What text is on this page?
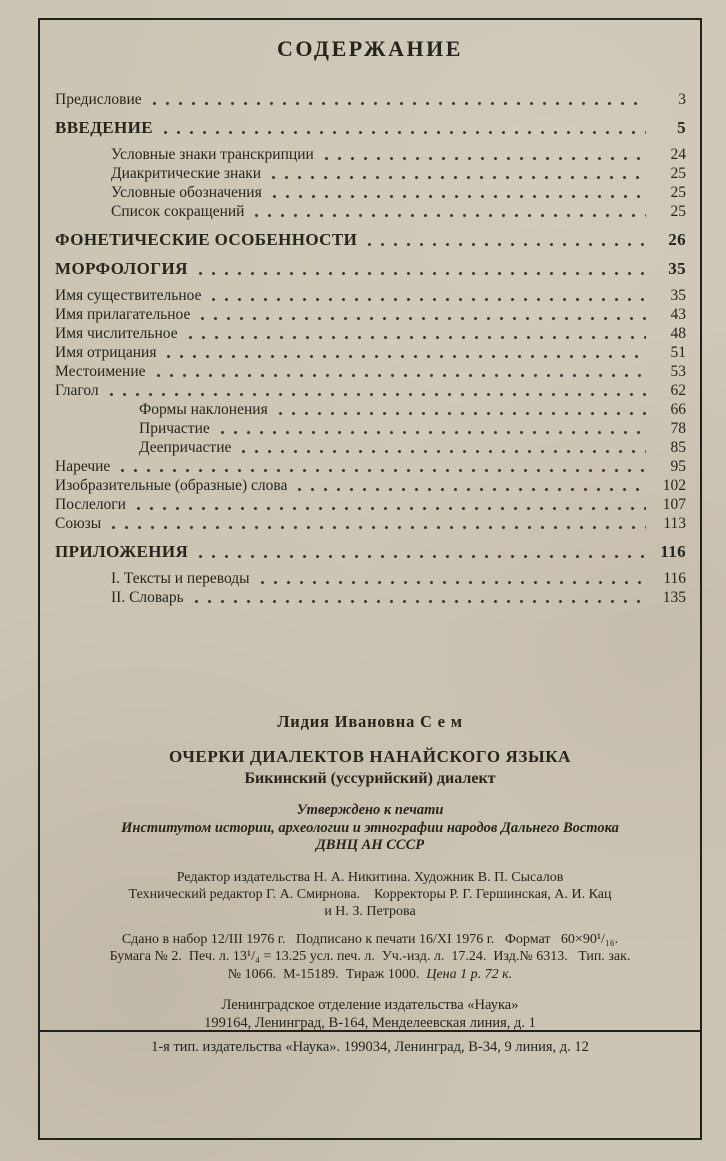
СОДЕРЖАНИЕ
Предисловие	3
ВВЕДЕНИЕ	5
Условные знаки транскрипции	24
Диакритические знаки	25
Условные обозначения	25
Список сокращений	25
ФОНЕТИЧЕСКИЕ ОСОБЕННОСТИ	26
МОРФОЛОГИЯ	35
Имя существительное	35
Имя прилагательное	43
Имя числительное	48
Имя отрицания	51
Местоимение	53
Глагол	62
Формы наклонения	66
Причастие	78
Деепричастие	85
Наречие	95
Изобразительные (образные) слова	102
Послелоги	107
Союзы	113
ПРИЛОЖЕНИЯ	116
I. Тексты и переводы	116
II. Словарь	135
Лидия Ивановна С е м
ОЧЕРКИ ДИАЛЕКТОВ НАНАЙСКОГО ЯЗЫКА
Бикинский (уссурийский) диалект
Утверждено к печати
Институтом истории, археологии и этнографии народов Дальнего Востока
ДВНЦ АН СССР
Редактор издательства Н. А. Никитина. Художник В. П. Сысалов
Технический редактор Г. А. Смирнова. Корректоры Р. Г. Гершинская, А. И. Кац
и Н. З. Петрова
Сдано в набор 12/III 1976 г.  Подписано к печати 16/XI 1976 г.  Формат  60×90¹/₁₆.
Бумага № 2. Печ. л. 13¹/₄ = 13.25 усл. печ. л. Уч.-изд. л. 17.24. Изд.№ 6313.  Тип. зак.
№ 1066. М-15189. Тираж 1000. Цена 1 р. 72 к.
Ленинградское отделение издательства «Наука»
199164, Ленинград, В-164, Менделеевская линия, д. 1
1-я тип. издательства «Наука». 199034, Ленинград, В-34, 9 линия, д. 12
